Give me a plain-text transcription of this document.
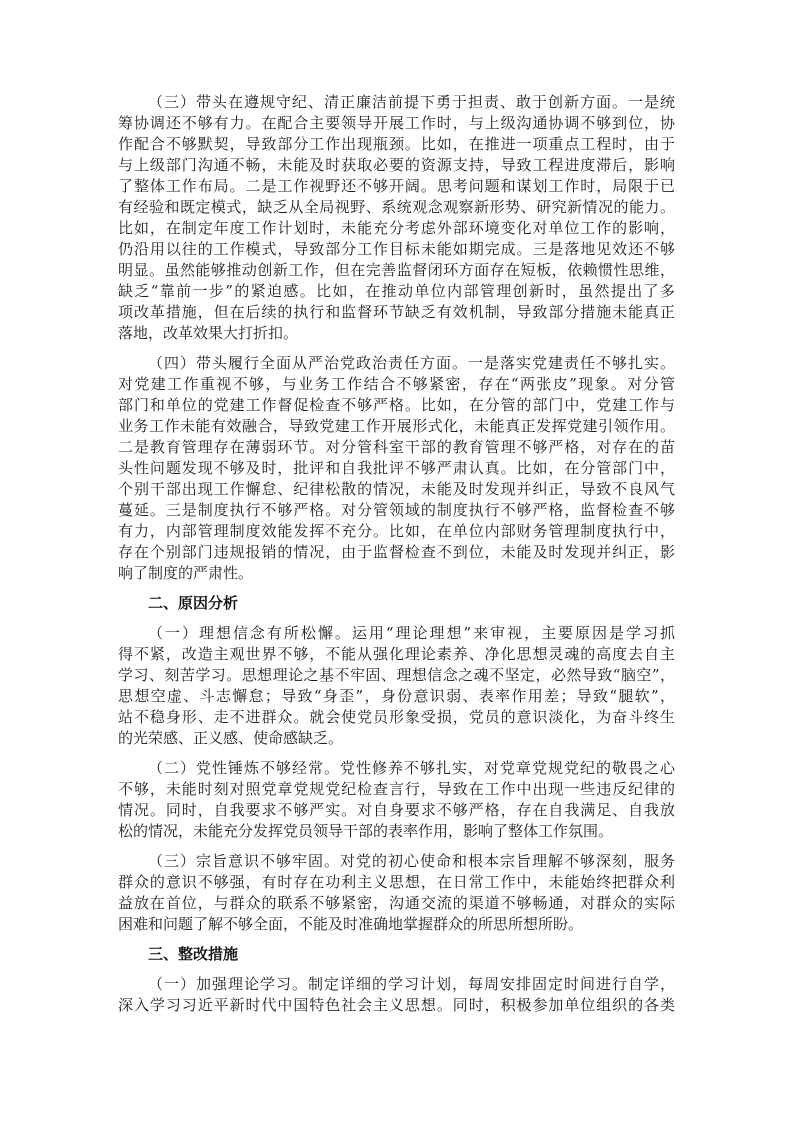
（三）带头在遵规守纪、清正廉洁前提下勇于担责、敢于创新方面。一是统
筹协调还不够有力。在配合主要领导开展工作时，与上级沟通协调不够到位，协
作配合不够默契，导致部分工作出现瓶颈。比如，在推进一项重点工程时，由于
与上级部门沟通不畅，未能及时获取必要的资源支持，导致工程进度滞后，影响
了整体工作布局。二是工作视野还不够开阔。思考问题和谋划工作时，局限于已
有经验和既定模式，缺乏从全局视野、系统观念观察新形势、研究新情况的能力。
比如，在制定年度工作计划时，未能充分考虑外部环境变化对单位工作的影响，
仍沿用以往的工作模式，导致部分工作目标未能如期完成。三是落地见效还不够
明显。虽然能够推动创新工作，但在完善监督闭环方面存在短板，依赖惯性思维，
缺乏“靠前一步”的紧迫感。比如，在推动单位内部管理创新时，虽然提出了多
项改革措施，但在后续的执行和监督环节缺乏有效机制，导致部分措施未能真正
落地，改革效果大打折扣。
（四）带头履行全面从严治党政治责任方面。一是落实党建责任不够扎实。
对党建工作重视不够，与业务工作结合不够紧密，存在“两张皮”现象。对分管
部门和单位的党建工作督促检查不够严格。比如，在分管的部门中，党建工作与
业务工作未能有效融合，导致党建工作开展形式化，未能真正发挥党建引领作用。
二是教育管理存在薄弱环节。对分管科室干部的教育管理不够严格，对存在的苗
头性问题发现不够及时，批评和自我批评不够严肃认真。比如，在分管部门中，
个别干部出现工作懈怠、纪律松散的情况，未能及时发现并纠正，导致不良风气
蔓延。三是制度执行不够严格。对分管领域的制度执行不够严格，监督检查不够
有力，内部管理制度效能发挥不充分。比如，在单位内部财务管理制度执行中，
存在个别部门违规报销的情况，由于监督检查不到位，未能及时发现并纠正，影
响了制度的严肃性。
二、原因分析
（一）理想信念有所松懈。运用“理论理想”来审视，主要原因是学习抓
得不紧，改造主观世界不够，不能从强化理论素养、净化思想灵魂的高度去自主
学习、刻苦学习。思想理论之基不牢固、理想信念之魂不坚定，必然导致“脑空”，
思想空虚、斗志懈怠；导致“身歪”，身份意识弱、表率作用差；导致“腿软”，
站不稳身形、走不进群众。就会使党员形象受损，党员的意识淡化，为奋斗终生
的光荣感、正义感、使命感缺乏。
（二）党性锤炼不够经常。党性修养不够扎实，对党章党规党纪的敬畏之心
不够，未能时刻对照党章党规党纪检查言行，导致在工作中出现一些违反纪律的
情况。同时，自我要求不够严实。对自身要求不够严格，存在自我满足、自我放
松的情况，未能充分发挥党员领导干部的表率作用，影响了整体工作氛围。
（三）宗旨意识不够牢固。对党的初心使命和根本宗旨理解不够深刻，服务
群众的意识不够强，有时存在功利主义思想，在日常工作中，未能始终把群众利
益放在首位，与群众的联系不够紧密，沟通交流的渠道不够畅通，对群众的实际
困难和问题了解不够全面，不能及时准确地掌握群众的所思所想所盼。
三、整改措施
（一）加强理论学习。制定详细的学习计划，每周安排固定时间进行自学，
深入学习习近平新时代中国特色社会主义思想。同时，积极参加单位组织的各类
